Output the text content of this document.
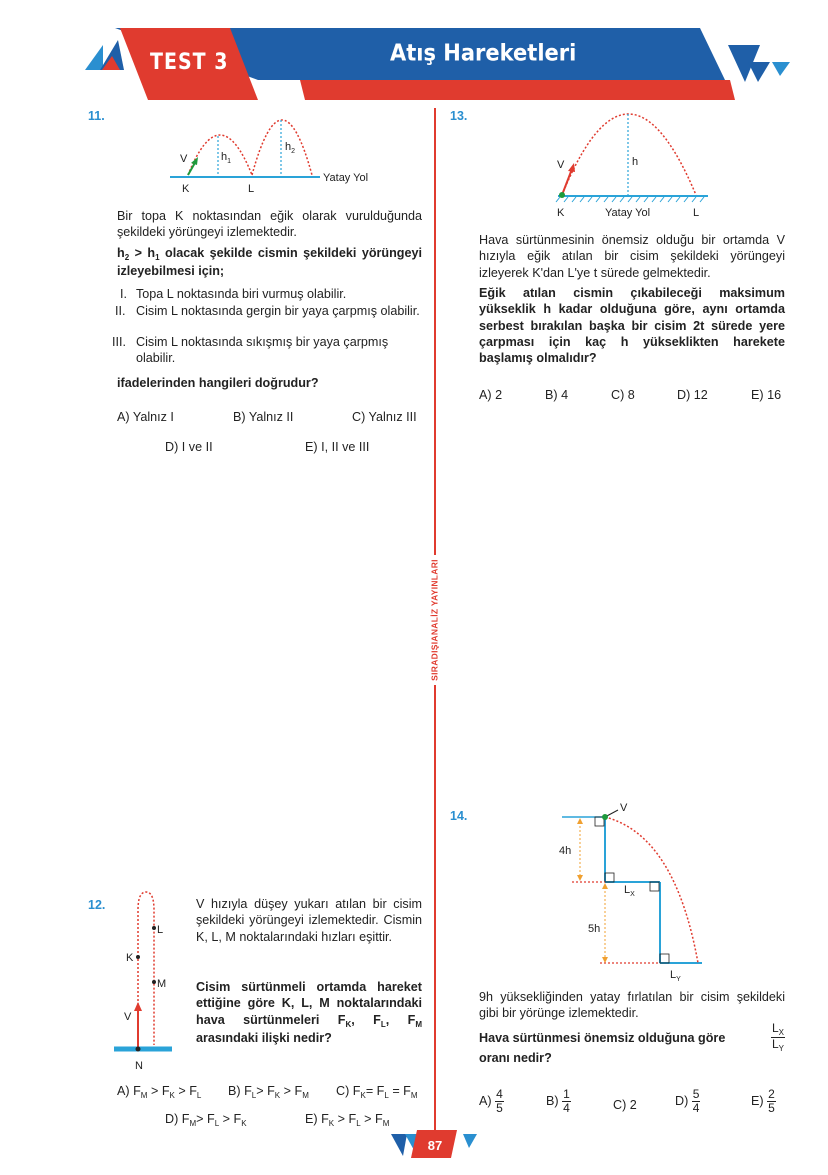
TEST 3	Atış Hareketleri
SIRADIŞIANALİZ YAYINLARI
11.
V	$h_1$
$h_2$
K	L
Yatay Yol
Bir topa K noktasından eğik olarak vurulduğunda şekildeki yörüngeyi izlemektedir.
$h_2 > h_1$ olacak şekilde cismin şekildeki yörüngeyi izleyebilmesi için;
I. Topa L noktasında biri vurmuş olabilir.
II. Cisim L noktasında gergin bir yaya çarpmış olabilir.
III. Cisim L noktasında sıkışmış bir yaya çarpmış olabilir.
ifadelerinden hangileri doğrudur?
A) Yalnız I	B) Yalnız II	C) Yalnız III
D) I ve II	E) I, II ve III
12.
L
K
M
V
N
V hızıyla düşey yukarı atılan bir cisim şekildeki yörüngeyi izlemektedir. Cismin K, L, M noktalarındaki hızları eşittir.
Cisim sürtünmeli ortamda hareket ettiğine göre K, L, M noktalarındaki hava sürtünmeleri $F_K$, $F_L$, $F_M$ arasındaki ilişki nedir?
A) $F_M > F_K > F_L$ B) $F_L> F_K > F_M$ C) $F_K= F_L = F_M$
D) $F_M> F_L > F_K$	E) $F_K > F_L > F_M$
13.
V	h
K	Yatay Yol	L
Hava sürtünmesinin önemsiz olduğu bir ortamda V hızıyla eğik atılan bir cisim şekildeki yörüngeyi izleyerek K'dan L'ye t sürede gelmektedir.
Eğik atılan cismin çıkabileceği maksimum yükseklik h kadar olduğuna göre, aynı ortamda serbest bırakılan başka bir cisim 2t sürede yere çarpması için kaç h yükseklikten harekete başlamış olmalıdır?
A) 2	B) 4	C) 8	D) 12	E) 16
14.
V
4h
5h
$L_X$
$L_Y$
9h yüksekliğinden yatay fırlatılan bir cisim şekildeki gibi bir yörünge izlemektedir.
Hava sürtünmesi önemsiz olduğuna göre	$\frac{L_X}{L_Y}$
oranı nedir?
$A) \frac{4}{5}$	$B) \frac{1}{4}$	C) 2	$D) \frac{5}{4}$	$E) \frac{2}{5}$
87
